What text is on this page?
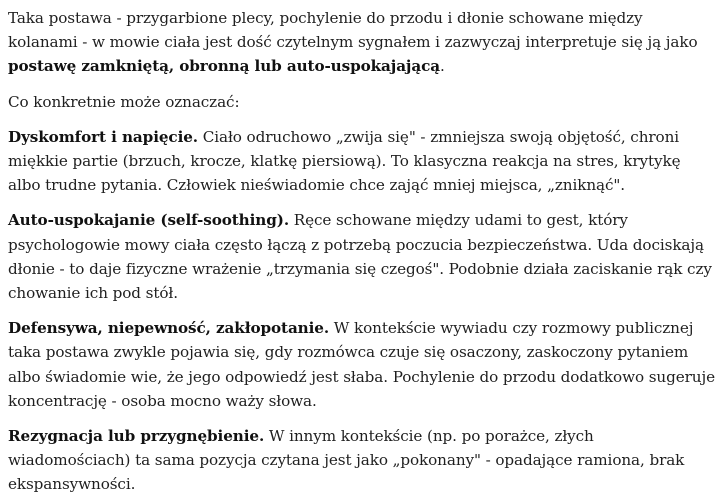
Taka postawa - przygarbione plecy, pochylenie do przodu i dłonie schowane między kolanami - w mowie ciała jest dość czytelnym sygnałem i zazwyczaj interpretuje się ją jako postawę zamkniętą, obronną lub auto-uspokajającą.

Co konkretnie może oznaczać:

Dyskomfort i napięcie. Ciało odruchowo „zwija się" - zmniejsza swoją objętość, chroni miękkie partie (brzuch, krocze, klatkę piersiową). To klasyczna reakcja na stres, krytykę albo trudne pytania. Człowiek nieświadomie chce zająć mniej miejsca, „zniknąć".

Auto-uspokajanie (self-soothing). Ręce schowane między udami to gest, który psychologowie mowy ciała często łączą z potrzebą poczucia bezpieczeństwa. Uda dociskają dłonie - to daje fizyczne wrażenie „trzymania się czegoś". Podobnie działa zaciskanie rąk czy chowanie ich pod stół.

Defensywa, niepewność, zakłopotanie. W kontekście wywiadu czy rozmowy publicznej taka postawa zwykle pojawia się, gdy rozmówca czuje się osaczony, zaskoczony pytaniem albo świadomie wie, że jego odpowiedź jest słaba. Pochylenie do przodu dodatkowo sugeruje koncentrację - osoba mocno waży słowa.

Rezygnacja lub przygnębienie. W innym kontekście (np. po porażce, złych wiadomościach) ta sama pozycja czytana jest jako „pokonany" - opadające ramiona, brak ekspansywności.
